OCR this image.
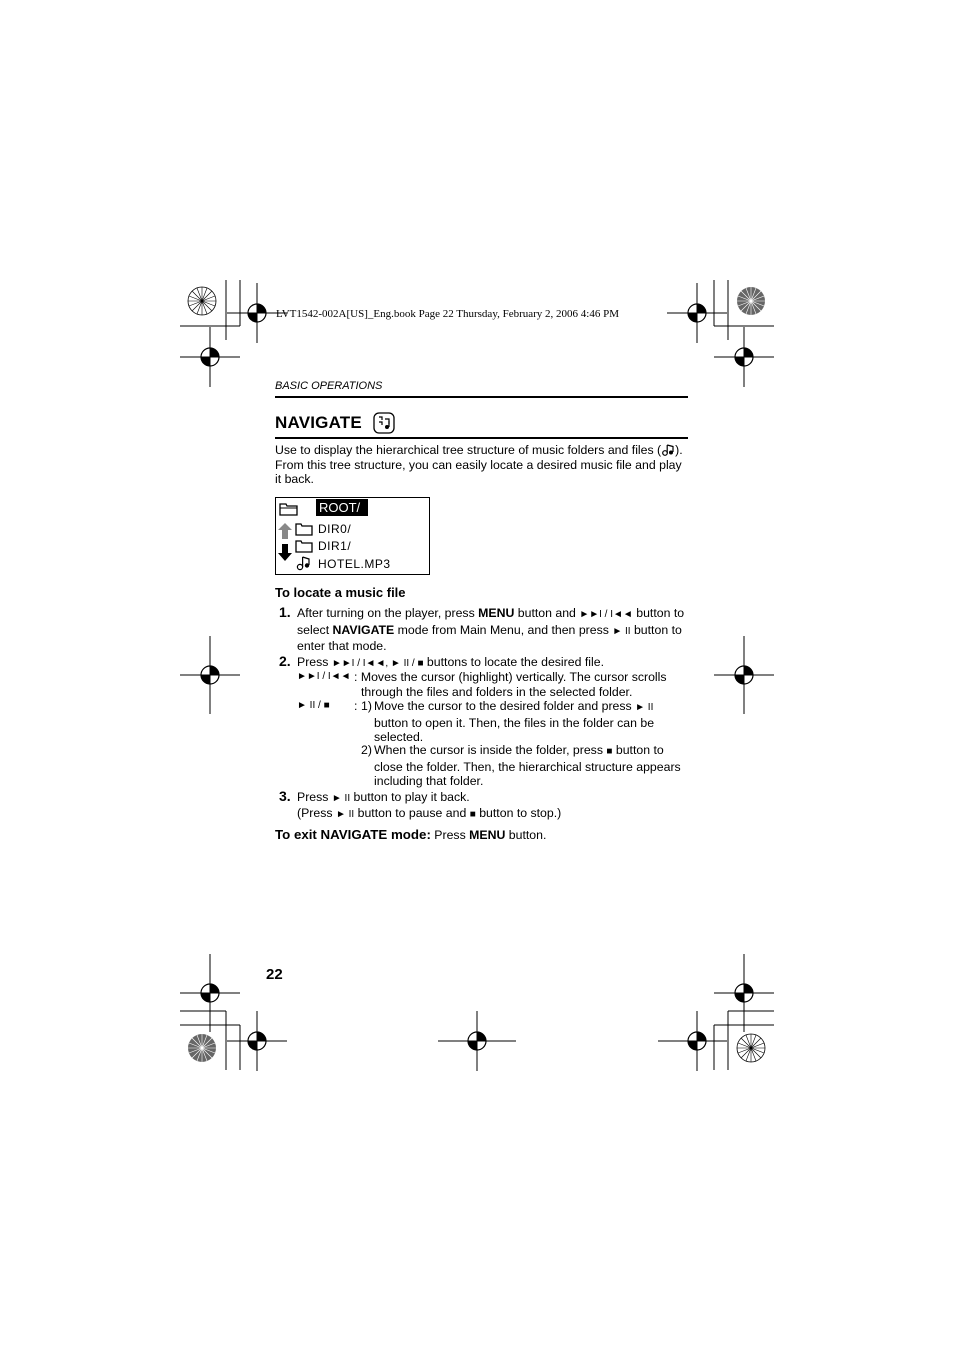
LVT1542-002A[US]_Eng.book Page 22 Thursday, February 2, 2006 4:46 PM
BASIC OPERATIONS
NAVIGATE
Use to display the hierarchical tree structure of music folders and files ( ). From this tree structure, you can easily locate a desired music file and play it back.
ROOT/
DIR0/
DIR1/
HOTEL.MP3
To locate a music file
1. After turning on the player, press MENU button and ►►I / I◄◄ button to select NAVIGATE mode from Main Menu, and then press ► II button to enter that mode.
2. Press ►►I / I◄◄, ► II / ■ buttons to locate the desired file.
►►I / I◄◄ : Moves the cursor (highlight) vertically. The cursor scrolls through the files and folders in the selected folder.
► II / ■ : 1) Move the cursor to the desired folder and press ► II button to open it. Then, the files in the folder can be selected.
2) When the cursor is inside the folder, press ■ button to close the folder. Then, the hierarchical structure appears including that folder.
3. Press ► II button to play it back.
(Press ► II button to pause and ■ button to stop.)
To exit NAVIGATE mode: Press MENU button.
22
